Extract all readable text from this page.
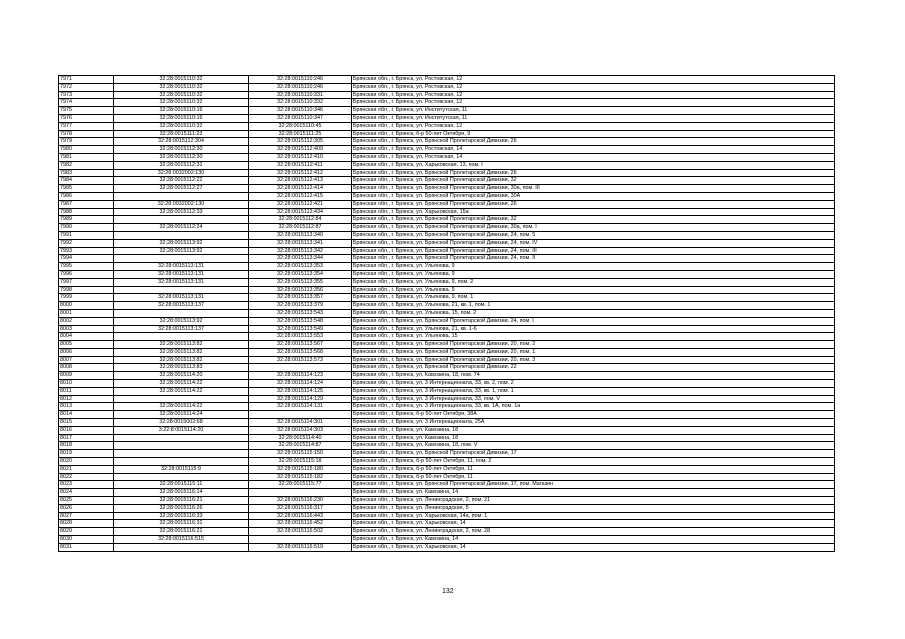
7971	32:28:0015110:32	32:28:0015110:246	Брянская обл., г. Брянск, ул. Ростовская, 12
7972	32:28:0015110:32	32:28:0015110:246	Брянская обл., г. Брянск, ул. Ростовская, 12
7973	32:28:0015110:32	32:28:0015110:331	Брянская обл., г. Брянск, ул. Ростовская, 12
7974	32:28:0015110:32	32:28:0015110:332	Брянская обл., г. Брянск, ул. Ростовская, 12
7975	32:28:0015110:16	32:28:0015110:346	Брянская обл., г. Брянск, ул. Институтская, 11
7976	32:28:0015110:16	32:28:0015110:347	Брянская обл., г. Брянск, ул. Институтская, 11
7977	32:28:0015110:32	32:28:0015110:45	Брянская обл., г. Брянск, ул. Ростовская, 12
7978	32:28:0015111:23	32:28:0015111:25	Брянская обл., г. Брянск, б-р 50-лет Октября, 9
7979	32:28:0015112:304	32:28:0015112:305	Брянская обл., г. Брянск, ул. Брянской Пролетарской Дивизии, 26
7980	32:28:0015112:30	32:28:0015112:409	Брянская обл., г. Брянск, ул. Ростовская, 14
7981	32:28:0015112:30	32:28:0015112:410	Брянская обл., г. Брянск, ул. Ростовская, 14
7982	32:28:0015112:31	32:28:0015112:411	Брянская обл., г. Брянск, ул. Харьковская, 13, пом. I
7983	32:28:0032002:130	32:28:0015112:412	Брянская обл., г. Брянск, ул. Брянской Пролетарской Дивизии, 26
7984	32:28:0015112:22	32:28:0015112:413	Брянская обл., г. Брянск, ул. Брянской Пролетарской Дивизии, 32
7985	32:28:0015112:27	32:28:0015112:414	Брянская обл., г. Брянск, ул. Брянской Пролетарской Дивизии, 30а, пом. III
7986		32:28:0015112:415	Брянская обл., г. Брянск, ул. Брянской Пролетарской Дивизии, 30А
7987	32:28:0032002:130	32:28:0015112:421	Брянская обл., г. Брянск, ул. Брянской Пролетарской Дивизии, 26
7988	32:28:0015112:33	32:28:0015112:434	Брянская обл., г. Брянск, ул. Харьковская, 15а
7989		32:28:0015112:84	Брянская обл., г. Брянск, ул. Брянской Пролетарской Дивизии, 32
7990	32:28:0015112:24	32:28:0015112:87	Брянская обл., г. Брянск, ул. Брянской Пролетарской Дивизии, 30а, пом. I
7991		32:28:0015113:340	Брянская обл., г. Брянск, ул. Брянской Пролетарской Дивизии, 24, пом. 5
7992	32:28:0015113:92	32:28:0015113:341	Брянская обл., г. Брянск, ул. Брянской Пролетарской Дивизии, 24, пом. IV
7993	32:28:0015113:92	32:28:0015113:342	Брянская обл., г. Брянск, ул. Брянской Пролетарской Дивизии, 24, пом. III
7994		32:28:0015113:344	Брянская обл., г. Брянск, ул. Брянской Пролетарской Дивизии, 24, пом. II
7995	32:28:0015113:131	32:28:0015113:353	Брянская обл., г. Брянск, ул. Ульянова, 9
7996	32:28:0015113:131	32:28:0015113:354	Брянская обл., г. Брянск, ул. Ульянова, 9
7997	32:28:0015113:131	32:28:0015113:355	Брянская обл., г. Брянск, ул. Ульянова, 9, пом. 2
7998		32:28:0015113:356	Брянская обл., г. Брянск, ул. Ульянова, 9
7999	32:28:0015113:131	32:28:0015113:357	Брянская обл., г. Брянск, ул. Ульянова, 9, пом. 1
8000	32:28:0015113:137	32:28:0015113:379	Брянская обл., г. Брянск, ул. Ульянова, 21, кв. 1, пом. 1
8001		32:28:0015113:543	Брянская обл., г. Брянск, ул. Ульянова, 15, пом. 2
8002	32:28:0015113:92	32:28:0015113:548	Брянская обл., г. Брянск, ул. Брянской Пролетарской Дивизии, 24, пом. I
8003	32:28:0015113:137	32:28:0015113:549	Брянская обл., г. Брянск, ул. Ульянова, 21, кв. 1-6
8004		32:28:0015113:553	Брянская обл., г. Брянск, ул. Ульянова, 15
8005	32:28:0015113:82	32:28:0015113:567	Брянская обл., г. Брянск, ул. Брянской Пролетарской Дивизии, 20, пом. 2
8006	32:28:0015113:82	32:28:0015113:568	Брянская обл., г. Брянск, ул. Брянской Пролетарской Дивизии, 20, пом. 1
8007	32:28:0015113:82	32:28:0015113:573	Брянская обл., г. Брянск, ул. Брянской Пролетарской Дивизии, 20, пом. 3
8008	32:28:0015113:83		Брянская обл., г. Брянск, ул. Брянской Пролетарской Дивизии, 22
8009	32:28:0015114:20	32:28:0015114:123	Брянская обл., г. Брянск, ул. Камозина, 18, пом. 74
8010	32:28:0015114:22	32:28:0015114:124	Брянская обл., г. Брянск, ул. 3 Интернационала, 33, кв. 2, пом. 2
8011	32:28:0015114:22	32:28:0015114:125	Брянская обл., г. Брянск, ул. 3 Интернационала, 33, кв. 1, пом. 1
8012		32:28:0015114:129	Брянская обл., г. Брянск, ул. 3 Интернационала, 33, пом. V
8013	32:28:0015114:22	32:28:0015114:131	Брянская обл., г. Брянск, ул. 3 Интернационала, 33, кв. 1А, пом. 1а
8014	32:28:0015114:24		Брянская обл., г. Брянск, б-р 50-лет Октября, 38А
8015	32:28:0015002:68	32:28:0015114:301	Брянская обл., г. Брянск, ул. 3 Интернационала, 25А
8016	3:22:8:0015114:20	32:28:0015114:303	Брянская обл., г. Брянск, ул. Камозина, 18
8017		32:28:0015114:40	Брянская обл., г. Брянск, ул. Камозина, 18
8018		32:28:0015114:87	Брянская обл., г. Брянск, ул. Камозина, 18, пом. V
8019		32:28:0015115:150	Брянская обл., г. Брянск, ул. Брянской Пролетарской Дивизии, 17
8020		32:28:0015115:18	Брянская обл., г. Брянск, б-р 50-лет Октября, 11, пом. 2
8021	32:28:0015115:9	32:28:0015115:180	Брянская обл., г. Брянск, б-р 50-лет Октября, 11
8022		32:28:0015115:182	Брянская обл., г. Брянск, б-р 50-лет Октября, 11
8023	32:28:0015115:11	32:28:0015115:77	Брянская обл., г. Брянск, ул. Брянской Пролетарской Дивизии, 17, пом. Магазин
8024	32:28:0015116:14		Брянская обл., г. Брянск, ул. Камозина, 14
8025	32:28:0015116:21	32:28:0015116:230	Брянская обл., г. Брянск, ул. Ленинградская, 2, пом. 21
8026	32:28:0015116:26	32:28:0015116:317	Брянская обл., г. Брянск, ул. Ленинградская, 5
8027	32:28:0015116:33	32:28:0015116:443	Брянская обл., г. Брянск, ул. Харьковская, 14а, пом. 1
8028	32:28:0015116:31	32:28:0015116:452	Брянская обл., г. Брянск, ул. Харьковская, 14
8029	32:28:0015116:21	32:28:0015116:502	Брянская обл., г. Брянск, ул. Ленинградская, 2, пом. 28
8030	32:28:0015116:515		Брянская обл., г. Брянск, ул. Камозина, 14
8031		32:28:0015116:519	Брянская обл., г. Брянск, ул. Харьковская, 14
132
